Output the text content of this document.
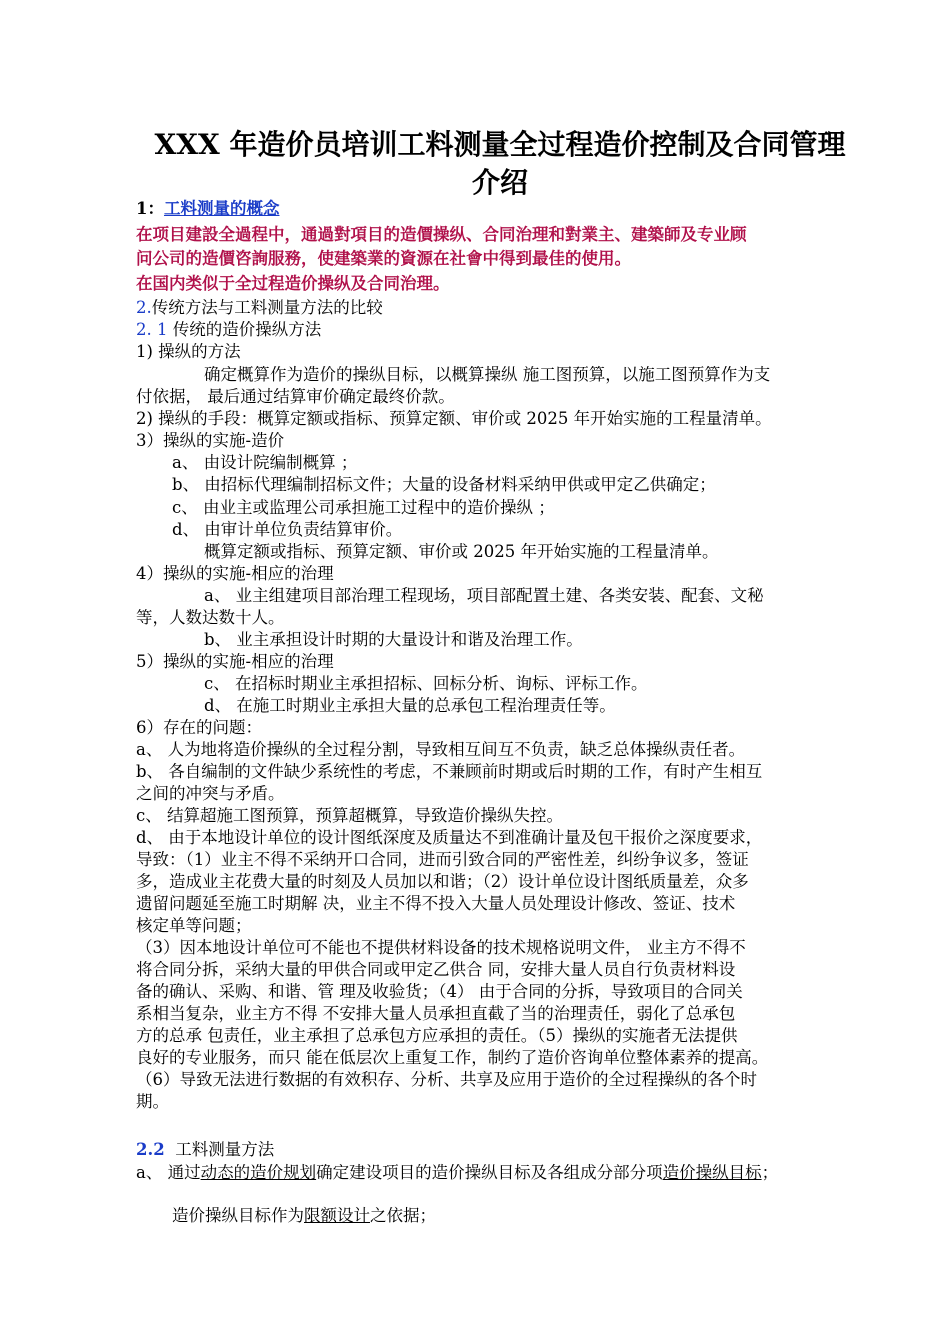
XXX 年造价员培训工料测量全过程造价控制及合同管理
介绍
1：工料测量的概念
在项目建設全過程中，通過對項目的造價操纵、合同治理和對業主、建築師及专业顾
问公司的造價咨詢服務，使建築業的資源在社會中得到最佳的使用。
在国内类似于全过程造价操纵及合同治理。
2.传统方法与工料测量方法的比较
2. 1 传统的造价操纵方法
1) 操纵的方法
确定概算作为造价的操纵目标，以概算操纵 施工图预算，以施工图预算作为支
付依据， 最后通过结算审价确定最终价款。
2) 操纵的手段：概算定额或指标、预算定额、审价或 2025 年开始实施的工程量清单。
3）操纵的实施-造价
a、 由设计院编制概算 ；
b、 由招标代理编制招标文件；大量的设备材料采纳甲供或甲定乙供确定；
c、 由业主或监理公司承担施工过程中的造价操纵 ；
d、 由审计单位负责结算审价。
概算定额或指标、预算定额、审价或 2025 年开始实施的工程量清单。
4）操纵的实施-相应的治理
a、 业主组建项目部治理工程现场，项目部配置土建、各类安装、配套、文秘
等，人数达数十人。
b、 业主承担设计时期的大量设计和谐及治理工作。
5）操纵的实施-相应的治理
c、 在招标时期业主承担招标、回标分析、询标、评标工作。
d、 在施工时期业主承担大量的总承包工程治理责任等。
6）存在的问题：
a、 人为地将造价操纵的全过程分割，导致相互间互不负责，缺乏总体操纵责任者。
b、 各自编制的文件缺少系统性的考虑，不兼顾前时期或后时期的工作，有时产生相互
之间的冲突与矛盾。
c、 结算超施工图预算，预算超概算，导致造价操纵失控。
d、 由于本地设计单位的设计图纸深度及质量达不到准确计量及包干报价之深度要求，
导致：（1）业主不得不采纳开口合同，进而引致合同的严密性差，纠纷争议多，签证
多，造成业主花费大量的时刻及人员加以和谐；（2）设计单位设计图纸质量差，众多
遗留问题延至施工时期解 决，业主不得不投入大量人员处理设计修改、签证、技术
核定单等问题；
（3）因本地设计单位可不能也不提供材料设备的技术规格说明文件， 业主方不得不
将合同分拆，采纳大量的甲供合同或甲定乙供合 同，安排大量人员自行负责材料设
备的确认、采购、和谐、管 理及收验货；（4） 由于合同的分拆，导致项目的合同关
系相当复杂，业主方不得 不安排大量人员承担直截了当的治理责任，弱化了总承包
方的总承 包责任，业主承担了总承包方应承担的责任。（5）操纵的实施者无法提供
良好的专业服务，而只 能在低层次上重复工作，制约了造价咨询单位整体素养的提高。
（6）导致无法进行数据的有效积存、分析、共享及应用于造价的全过程操纵的各个时
期。
2.2 工料测量方法
a、 通过动态的造价规划确定建设项目的造价操纵目标及各组成分部分项造价操纵目标；
造价操纵目标作为限额设计之依据；
